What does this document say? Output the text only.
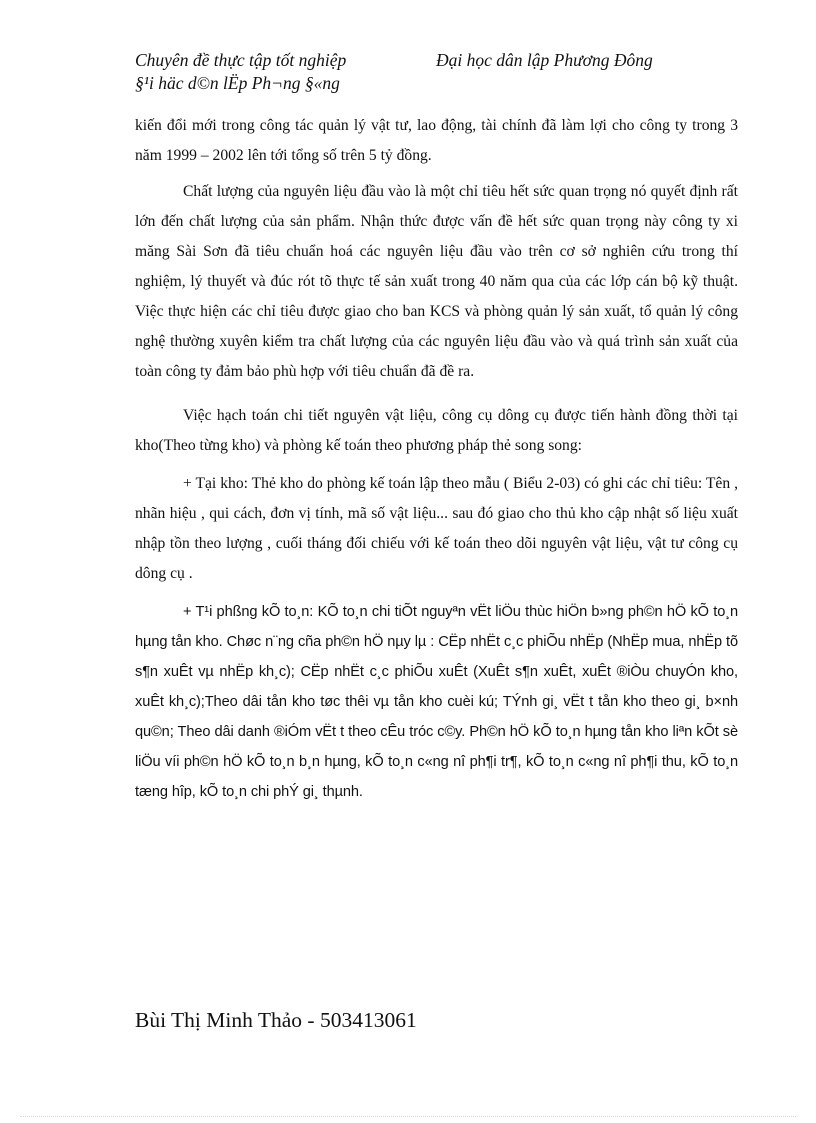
Chuyên đề thực tập tốt nghiệp	Đại học dân lập Phương Đông
§¹i häc d©n lËp Ph¬ng §«ng

kiến đổi mới trong công tác quản lý vật tư, lao động, tài chính đã làm lợi cho công ty trong 3 năm 1999 – 2002 lên tới tổng số trên 5 tỷ đồng.

Chất lượng của nguyên liệu đầu vào là một chỉ tiêu hết sức quan trọng nó quyết định rất lớn đến chất lượng của sản phẩm. Nhận thức được vấn đề hết sức quan trọng này công ty xi măng Sài Sơn đã tiêu chuẩn hoá các nguyên liệu đầu vào trên cơ sở nghiên cứu trong thí nghiệm, lý thuyết và đúc rót tõ thực tế sản xuất trong 40 năm qua của các lớp cán bộ kỹ thuật. Việc thực hiện các chỉ tiêu được giao cho ban KCS và phòng quản lý sản xuất, tổ quản lý công nghệ thường xuyên kiểm tra chất lượng của các nguyên liệu đầu vào và quá trình sản xuất của toàn công ty đảm bảo phù hợp với tiêu chuẩn đã đề ra.

Việc hạch toán chi tiết nguyên vật liệu, công cụ dông cụ được tiến hành đồng thời tại kho(Theo từng kho) và phòng kế toán theo phương pháp thẻ song song:

+ Tại kho: Thẻ kho do phòng kế toán lập theo mẫu ( Biểu 2-03) có ghi các chỉ tiêu: Tên , nhãn hiệu , qui cách, đơn vị tính, mã số vật liệu... sau đó giao cho thủ kho cập nhật số liệu xuất nhập tồn theo lượng , cuối tháng đối chiếu với kế toán theo dõi nguyên vật liệu, vật tư công cụ dông cụ .

+ T¹i phßng kÕ to¸n: KÕ to¸n chi tiÕt nguyªn vËt liÖu thùc hiÖn b»ng ph©n hÖ kÕ to¸n hµng tån kho. Chøc n¨ng cña ph©n hÖ nµy lµ : CËp nhËt c¸c phiÕu nhËp (NhËp mua, nhËp tõ s¶n xuÊt vµ nhËp kh¸c); CËp nhËt c¸c phiÕu xuÊt (XuÊt s¶n xuÊt, xuÊt ®iÒu chuyÓn kho, xuÊt kh¸c);Theo dâi tån kho tøc thêi vµ tån kho cuèi kú; TÝnh gi¸ vËt t tån kho theo gi¸ b×nh qu©n; Theo dâi danh ®iÓm vËt t theo cÊu tróc c©y. Ph©n hÖ kÕ to¸n hµng tån kho liªn kÕt sè liÖu víi ph©n hÖ kÕ to¸n b¸n hµng, kÕ to¸n c«ng nî ph¶i tr¶, kÕ to¸n c«ng nî ph¶i thu, kÕ to¸n tæng hîp, kÕ to¸n chi phÝ gi¸ thµnh.

Bùi Thị Minh Thảo - 503413061
